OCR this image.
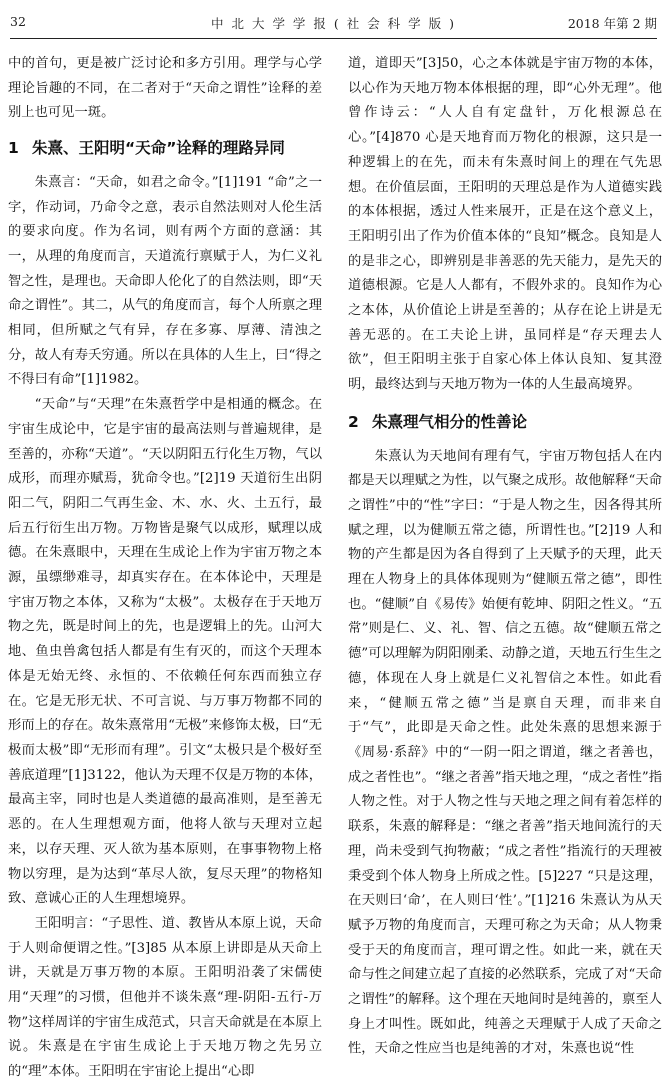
32	中 北 大 学 学 报 ( 社 会 科 学 版 )	2018 年第 2 期

中的首句，更是被广泛讨论和多方引用。理学与心学理论旨趣的不同，在二者对于“天命之谓性”诠释的差别上也可见一斑。

1 朱熹、王阳明“天命”诠释的理路异同

朱熹言：“天命，如君之命令。”[1]191 “命”之一字，作动词，乃命令之意，表示自然法则对人伦生活的要求向度。作为名词，则有两个方面的意涵：其一，从理的角度而言，天道流行禀赋于人，为仁义礼智之性，是理也。天命即人伦化了的自然法则，即“天命之谓性”。其二，从气的角度而言，每个人所禀之理相同，但所赋之气有异，存在多寡、厚薄、清浊之分，故人有寿夭穷通。所以在具体的人生上，曰“得之不得曰有命”[1]1982。

“天命”与“天理”在朱熹哲学中是相通的概念。在宇宙生成论中，它是宇宙的最高法则与普遍规律，是至善的，亦称“天道”。“天以阴阳五行化生万物，气以成形，而理亦赋焉，犹命令也。”[2]19 天道衍生出阴阳二气，阴阳二气再生金、木、水、火、土五行，最后五行衍生出万物。万物皆是聚气以成形，赋理以成德。在朱熹眼中，天理在生成论上作为宇宙万物之本源，虽缥缈难寻，却真实存在。在本体论中，天理是宇宙万物之本体，又称为“太极”。太极存在于天地万物之先，既是时间上的先，也是逻辑上的先。山河大地、鱼虫兽禽包括人都是有生有灭的，而这个天理本体是无始无终、永恒的、不依赖任何东西而独立存在。它是无形无状、不可言说、与万事万物都不同的形而上的存在。故朱熹常用“无极”来修饰太极，曰“无极而太极”即“无形而有理”。引文“太极只是个极好至善底道理”[1]3122，他认为天理不仅是万物的本体，最高主宰，同时也是人类道德的最高准则，是至善无恶的。在人生理想观方面，他将人欲与天理对立起来，以存天理、灭人欲为基本原则，在事事物物上格物以穷理，是为达到“革尽人欲，复尽天理”的物格知致、意诚心正的人生理想境界。

王阳明言：“子思性、道、教皆从本原上说，天命于人则命便谓之性。”[3]85 从本原上讲即是从天命上讲，天就是万事万物的本原。王阳明沿袭了宋儒使用“天理”的习惯，但他并不谈朱熹“理-阴阳-五行-万物”这样周详的宇宙生成范式，只言天命就是在本原上说。朱熹是在宇宙生成论上于天地万物之先另立的“理”本体。王阳明在宇宙论上提出“心即

道，道即天”[3]50，心之本体就是宇宙万物的本体，以心作为天地万物本体根据的理，即“心外无理”。他曾作诗云：“人人自有定盘针，万化根源总在心。”[4]870 心是天地育而万物化的根源，这只是一种逻辑上的在先，而未有朱熹时间上的理在气先思想。在价值层面，王阳明的天理总是作为人道德实践的本体根据，透过人性来展开，正是在这个意义上，王阳明引出了作为价值本体的“良知”概念。良知是人的是非之心，即辨别是非善恶的先天能力，是先天的道德根源。它是人人都有，不假外求的。良知作为心之本体，从价值论上讲是至善的；从存在论上讲是无善无恶的。在工夫论上讲，虽同样是“存天理去人欲”，但王阳明主张于自家心体上体认良知、复其澄明，最终达到与天地万物为一体的人生最高境界。

2 朱熹理气相分的性善论

朱熹认为天地间有理有气，宇宙万物包括人在内都是天以理赋之为性，以气聚之成形。故他解释“天命之谓性”中的“性”字曰：“于是人物之生，因各得其所赋之理，以为健顺五常之德，所谓性也。”[2]19 人和物的产生都是因为各自得到了上天赋予的天理，此天理在人物身上的具体体现则为“健顺五常之德”，即性也。“健顺”自《易传》始便有乾坤、阴阳之性义。“五常”则是仁、义、礼、智、信之五德。故“健顺五常之德”可以理解为阴阳刚柔、动静之道，天地五行生生之德，体现在人身上就是仁义礼智信之本性。如此看来，“健顺五常之德”当是禀自天理，而非来自于“气”，此即是天命之性。此处朱熹的思想来源于《周易·系辞》中的“一阴一阳之谓道，继之者善也，成之者性也”。“继之者善”指天地之理，“成之者性”指人物之性。对于人物之性与天地之理之间有着怎样的联系，朱熹的解释是：“继之者善”指天地间流行的天理，尚未受到气拘物蔽；“成之者性”指流行的天理被秉受到个体人物身上所成之性。[5]227 “只是这理，在天则曰‘命’，在人则曰‘性’。”[1]216 朱熹认为从天赋予万物的角度而言，天理可称之为天命；从人物秉受于天的角度而言，理可谓之性。如此一来，就在天命与性之间建立起了直接的必然联系，完成了对“天命之谓性”的解释。这个理在天地间时是纯善的，禀至人身上才叫性。既如此，纯善之天理赋于人成了天命之性，天命之性应当也是纯善的才对，朱熹也说“性
